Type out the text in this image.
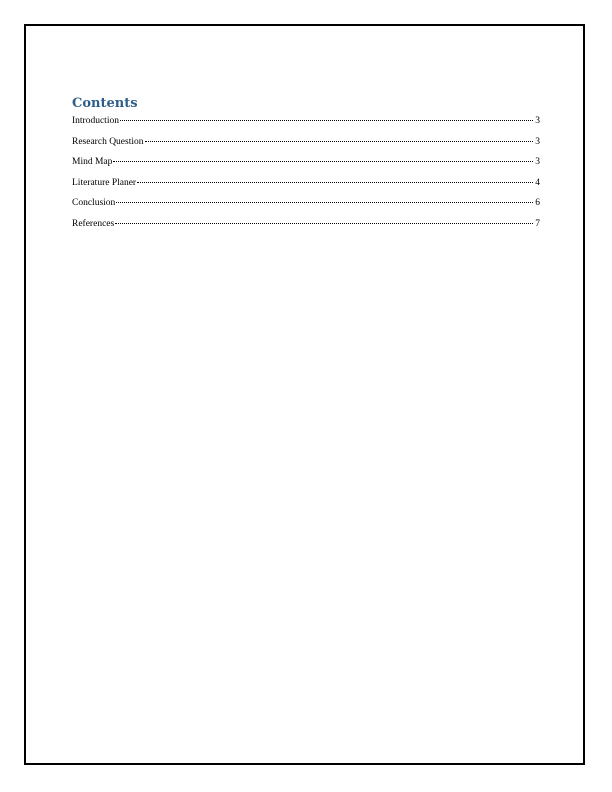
Contents
Introduction	3
Research Question	3
Mind Map	3
Literature Planer	4
Conclusion	6
References	7
